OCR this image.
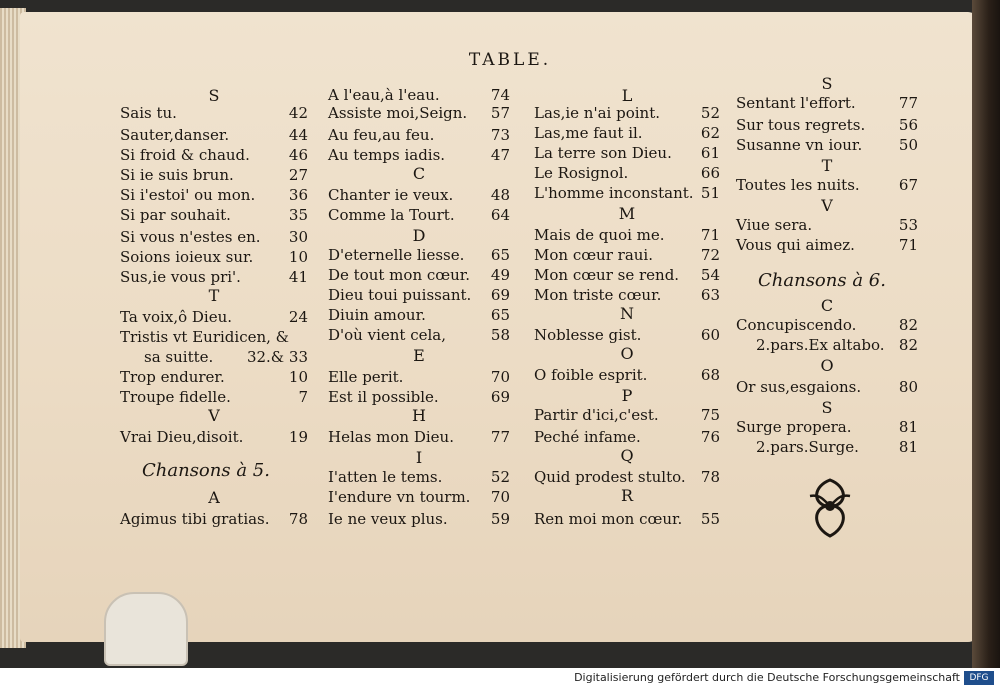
TABLE.
S
Sais tu.	42
Sauter,danser.	44
Si froid & chaud.	46
Si ie suis brun.	27
Si i'estoi' ou mon. 36
Si par souhait.	35
Si vous n'estes en. 30
Soions ioieux sur. 10
Sus,ie vous pri'.	41
T
Ta voix,ô Dieu.	24
Tristis vt Euridicen, &
sa suitte. 32.& 33
Trop endurer.	10
Troupe fidelle.	7
V
Vrai Dieu,disoit.	19
Chansons à 5.
A
Agimus tibi gratias. 78
A l'eau,à l'eau.	74
Assiste moi,Seign. 57
Au feu,au feu.	73
Au temps iadis.	47
C
Chanter ie veux.	48
Comme la Tourt. 64
D
D'eternelle liesse. 65
De tout mon cœur. 49
Dieu toui puissant. 69
Diuin amour.	65
D'où vient cela,	58
E
Elle perit.	70
Est il possible.	69
H
Helas mon Dieu. 77
I
I'atten le tems.	52
I'endure vn tourm. 70
Ie ne veux plus.	59
L
Las,ie n'ai point.	52
Las,me faut il.	62
La terre son Dieu. 61
Le Rosignol.	66
L'homme inconstant. 51
M
Mais de quoi me. 71
Mon cœur raui.	72
Mon cœur se rend. 54
Mon triste cœur.	63
N
Noblesse gist.	60
O
O foible esprit.	68
P
Partir d'ici,c'est.	75
Peché infame.	76
Q
Quid prodest stulto. 78
R
Ren moi mon cœur. 55
S
Sentant l'effort.	77
Sur tous regrets. 56
Susanne vn iour. 50
T
Toutes les nuits.	67
V
Viue sera.	53
Vous qui aimez.	71
Chansons à 6.
C
Concupiscendo.	82
2.pars.Ex altabo. 82
O
Or sus,esgaions.	80
S
Surge propera.	81
2.pars.Surge.	81
Digitalisierung gefördert durch die Deutsche Forschungsgemeinschaft	DFG
